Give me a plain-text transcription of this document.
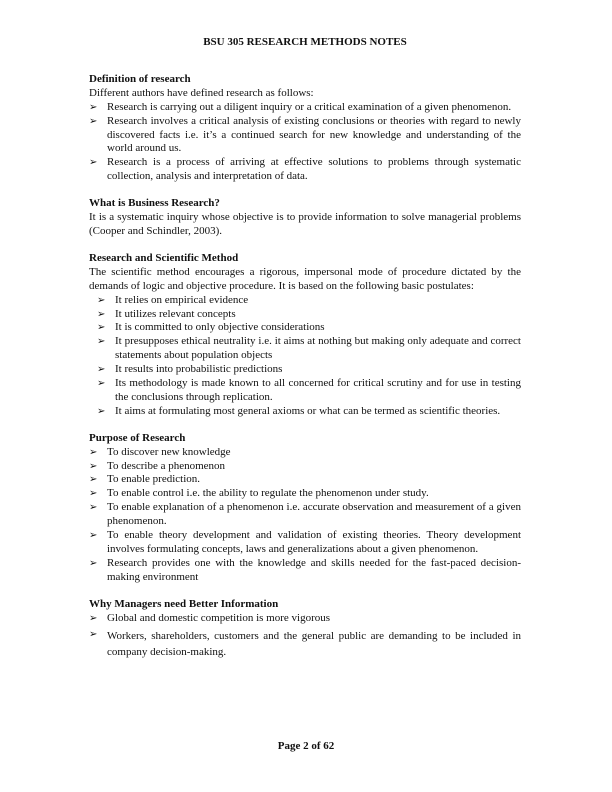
BSU 305 RESEARCH METHODS NOTES

Definition of research

Different authors have defined research as follows:

➢ Research is carrying out a diligent inquiry or a critical examination of a given phenomenon.
➢ Research involves a critical analysis of existing conclusions or theories with regard to newly discovered facts i.e. it’s a continued search for new knowledge and understanding of the world around us.
➢ Research is a process of arriving at effective solutions to problems through systematic collection, analysis and interpretation of data.

What is Business Research?

It is a systematic inquiry whose objective is to provide information to solve managerial problems (Cooper and Schindler, 2003).

Research and Scientific Method

The scientific method encourages a rigorous, impersonal mode of procedure dictated by the demands of logic and objective procedure. It is based on the following basic postulates:

➢ It relies on empirical evidence
➢ It utilizes relevant concepts
➢ It is committed to only objective considerations
➢ It presupposes ethical neutrality i.e. it aims at nothing but making only adequate and correct statements about population objects
➢ It results into probabilistic predictions
➢ Its methodology is made known to all concerned for critical scrutiny and for use in testing the conclusions through replication.
➢ It aims at formulating most general axioms or what can be termed as scientific theories.

Purpose of Research

➢ To discover new knowledge
➢ To describe a phenomenon
➢ To enable prediction.
➢ To enable control i.e. the ability to regulate the phenomenon under study.
➢ To enable explanation of a phenomenon i.e. accurate observation and measurement of a given phenomenon.
➢ To enable theory development and validation of existing theories. Theory development involves formulating concepts, laws and generalizations about a given phenomenon.
➢ Research provides one with the knowledge and skills needed for the fast-paced decision-making environment

Why Managers need Better Information

➢ Global and domestic competition is more vigorous
➢ Workers, shareholders, customers and the general public are demanding to be included in company decision-making.
Page 2 of 62
